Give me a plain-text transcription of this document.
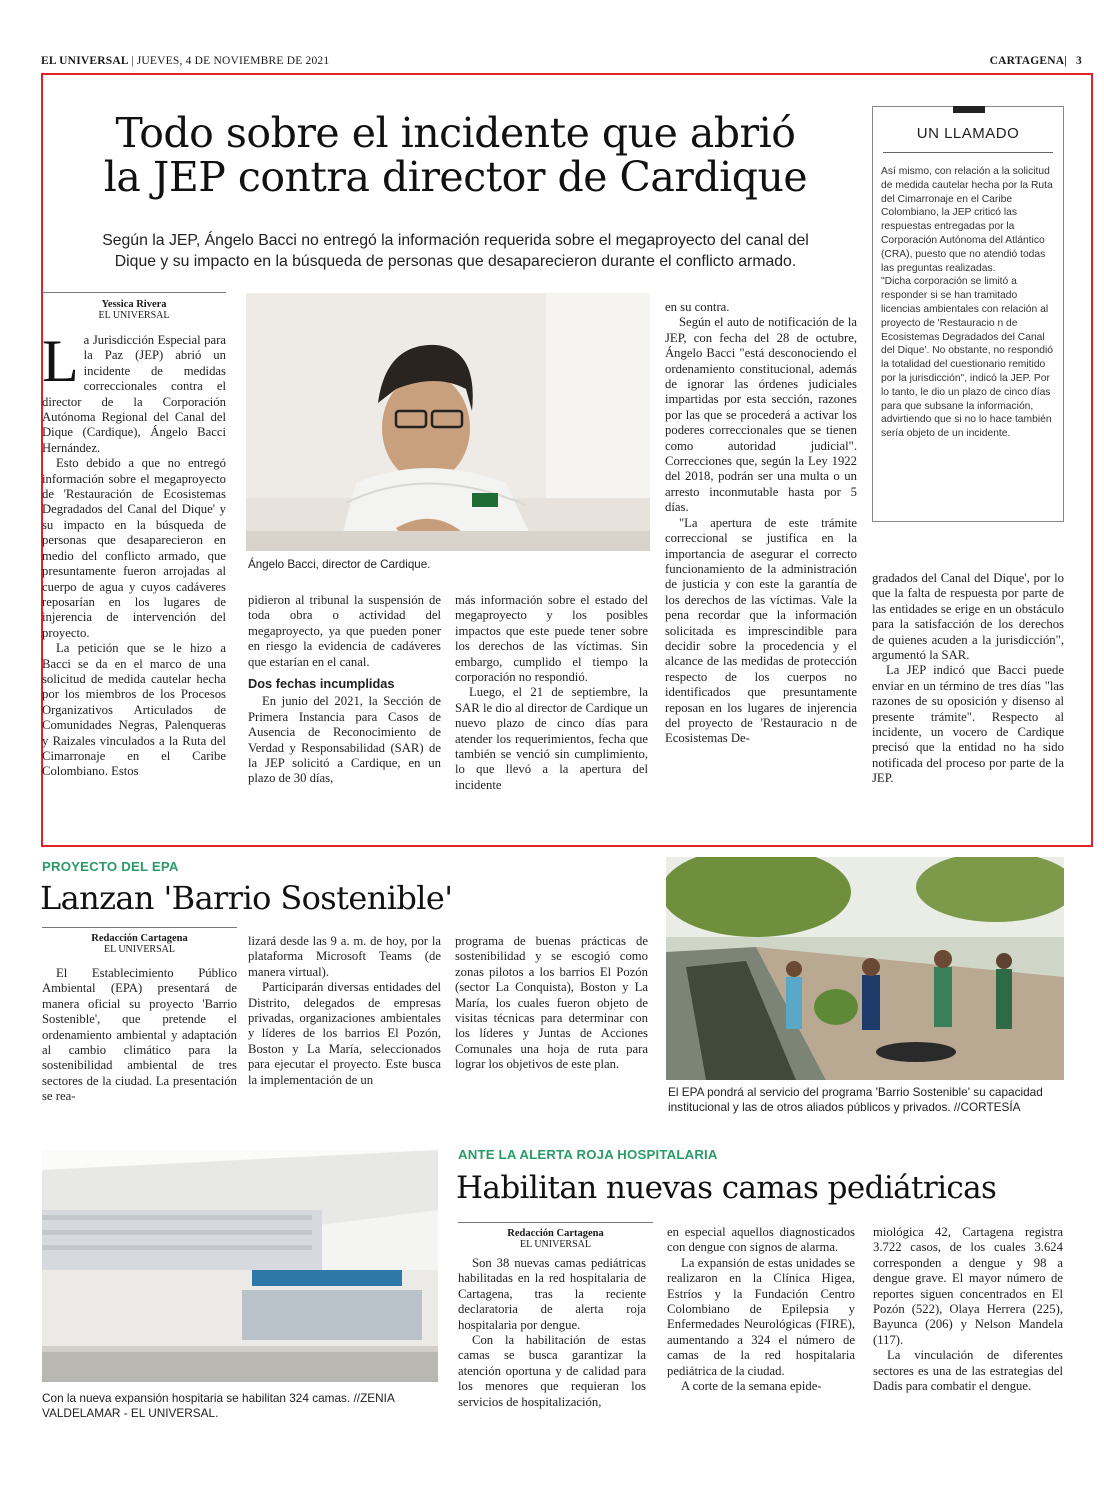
EL UNIVERSAL | JUEVES, 4 DE NOVIEMBRE DE 2021	CARTAGENA| 3
Todo sobre el incidente que abrió
la JEP contra director de Cardique
Según la JEP, Ángelo Bacci no entregó la información requerida sobre el megaproyecto del canal del
Dique y su impacto en la búsqueda de personas que desaparecieron durante el conflicto armado.
UN LLAMADO
Así mismo, con relación a la solicitud de medida cautelar hecha por la Ruta del Cimarronaje en el Caribe Colombiano, la JEP criticó las respuestas entregadas por la Corporación Autónoma del Atlántico (CRA), puesto que no atendió todas las preguntas realizadas.
"Dicha corporación se limitó a responder si se han tramitado licencias ambientales con relación al proyecto de 'Restauracio n de Ecosistemas Degradados del Canal del Dique'. No obstante, no respondió la totalidad del cuestionario remitido por la jurisdicción", indicó la JEP. Por lo tanto, le dio un plazo de cinco días para que subsane la información, advirtiendo que si no lo hace también sería objeto de un incidente.
Yessica Rivera
EL UNIVERSAL
L a Jurisdicción Especial para la Paz (JEP) abrió un incidente de medidas correccionales contra el director de la Corporación Autónoma Regional del Canal del Dique (Cardique), Ángelo Bacci Hernández.

Esto debido a que no entregó información sobre el megaproyecto de 'Restauración de Ecosistemas Degradados del Canal del Dique' y su impacto en la búsqueda de personas que desaparecieron en medio del conflicto armado, que presuntamente fueron arrojadas al cuerpo de agua y cuyos cadáveres reposarían en los lugares de injerencia de intervención del proyecto.

La petición que se le hizo a Bacci se da en el marco de una solicitud de medida cautelar hecha por los miembros de los Procesos Organizativos Articulados de Comunidades Negras, Palenqueras y Raizales vinculados a la Ruta del Cimarronaje en el Caribe Colombiano. Estos

Ángelo Bacci, director de Cardique.

pidieron al tribunal la suspensión de toda obra o actividad del megaproyecto, ya que pueden poner en riesgo la evidencia de cadáveres que estarían en el canal.

Dos fechas incumplidas

En junio del 2021, la Sección de Primera Instancia para Casos de Ausencia de Reconocimiento de Verdad y Responsabilidad (SAR) de la JEP solicitó a Cardique, en un plazo de 30 días,

más información sobre el estado del megaproyecto y los posibles impactos que este puede tener sobre los derechos de las víctimas. Sin embargo, cumplido el tiempo la corporación no respondió.

Luego, el 21 de septiembre, la SAR le dio al director de Cardique un nuevo plazo de cinco días para atender los requerimientos, fecha que también se venció sin cumplimiento, lo que llevó a la apertura del incidente

en su contra.

Según el auto de notificación de la JEP, con fecha del 28 de octubre, Ángelo Bacci "está desconociendo el ordenamiento constitucional, además de ignorar las órdenes judiciales impartidas por esta sección, razones por las que se procederá a activar los poderes correccionales que se tienen como autoridad judicial". Correcciones que, según la Ley 1922 del 2018, podrán ser una multa o un arresto inconmutable hasta por 5 días.

"La apertura de este trámite correccional se justifica en la importancia de asegurar el correcto funcionamiento de la administración de justicia y con este la garantía de los derechos de las víctimas. Vale la pena recordar que la información solicitada es imprescindible para decidir sobre la procedencia y el alcance de las medidas de protección respecto de los cuerpos no identificados que presuntamente reposan en los lugares de injerencia del proyecto de 'Restauracio n de Ecosistemas De-

gradados del Canal del Dique', por lo que la falta de respuesta por parte de las entidades se erige en un obstáculo para la satisfacción de los derechos de quienes acuden a la jurisdicción", argumentó la SAR.

La JEP indicó que Bacci puede enviar en un término de tres días "las razones de su oposición y disenso al presente trámite". Respecto al incidente, un vocero de Cardique precisó que la entidad no ha sido notificada del proceso por parte de la JEP.

PROYECTO DEL EPA
Lanzan 'Barrio Sostenible'
Redacción Cartagena
EL UNIVERSAL

El Establecimiento Público Ambiental (EPA) presentará de manera oficial su proyecto 'Barrio Sostenible', que pretende el ordenamiento ambiental y adaptación al cambio climático para la sostenibilidad ambiental de tres sectores de la ciudad. La presentación se rea-

lizará desde las 9 a. m. de hoy, por la plataforma Microsoft Teams (de manera virtual).

Participarán diversas entidades del Distrito, delegados de empresas privadas, organizaciones ambientales y líderes de los barrios El Pozón, Boston y La María, seleccionados para ejecutar el proyecto. Este busca la implementación de un

programa de buenas prácticas de sostenibilidad y se escogió como zonas pilotos a los barrios El Pozón (sector La Conquista), Boston y La María, los cuales fueron objeto de visitas técnicas para determinar con los líderes y Juntas de Acciones Comunales una hoja de ruta para lograr los objetivos de este plan.

El EPA pondrá al servicio del programa 'Barrio Sostenible' su capacidad institucional y las de otros aliados públicos y privados. //CORTESÍA
Con la nueva expansión hospitaria se habilitan 324 camas. //ZENIA VALDELAMAR - EL UNIVERSAL.
ANTE LA ALERTA ROJA HOSPITALARIA
Habilitan nuevas camas pediátricas
Redacción Cartagena
EL UNIVERSAL

Son 38 nuevas camas pediátricas habilitadas en la red hospitalaria de Cartagena, tras la reciente declaratoria de alerta roja hospitalaria por dengue.

Con la habilitación de estas camas se busca garantizar la atención oportuna y de calidad para los menores que requieran los servicios de hospitalización,

en especial aquellos diagnosticados con dengue con signos de alarma.

La expansión de estas unidades se realizaron en la Clínica Higea, Estríos y la Fundación Centro Colombiano de Epilepsia y Enfermedades Neurológicas (FIRE), aumentando a 324 el número de camas de la red hospitalaria pediátrica de la ciudad.

A corte de la semana epide-

miológica 42, Cartagena registra 3.722 casos, de los cuales 3.624 corresponden a dengue y 98 a dengue grave. El mayor número de reportes siguen concentrados en El Pozón (522), Olaya Herrera (225), Bayunca (206) y Nelson Mandela (117).

La vinculación de diferentes sectores es una de las estrategias del Dadis para combatir el dengue.
